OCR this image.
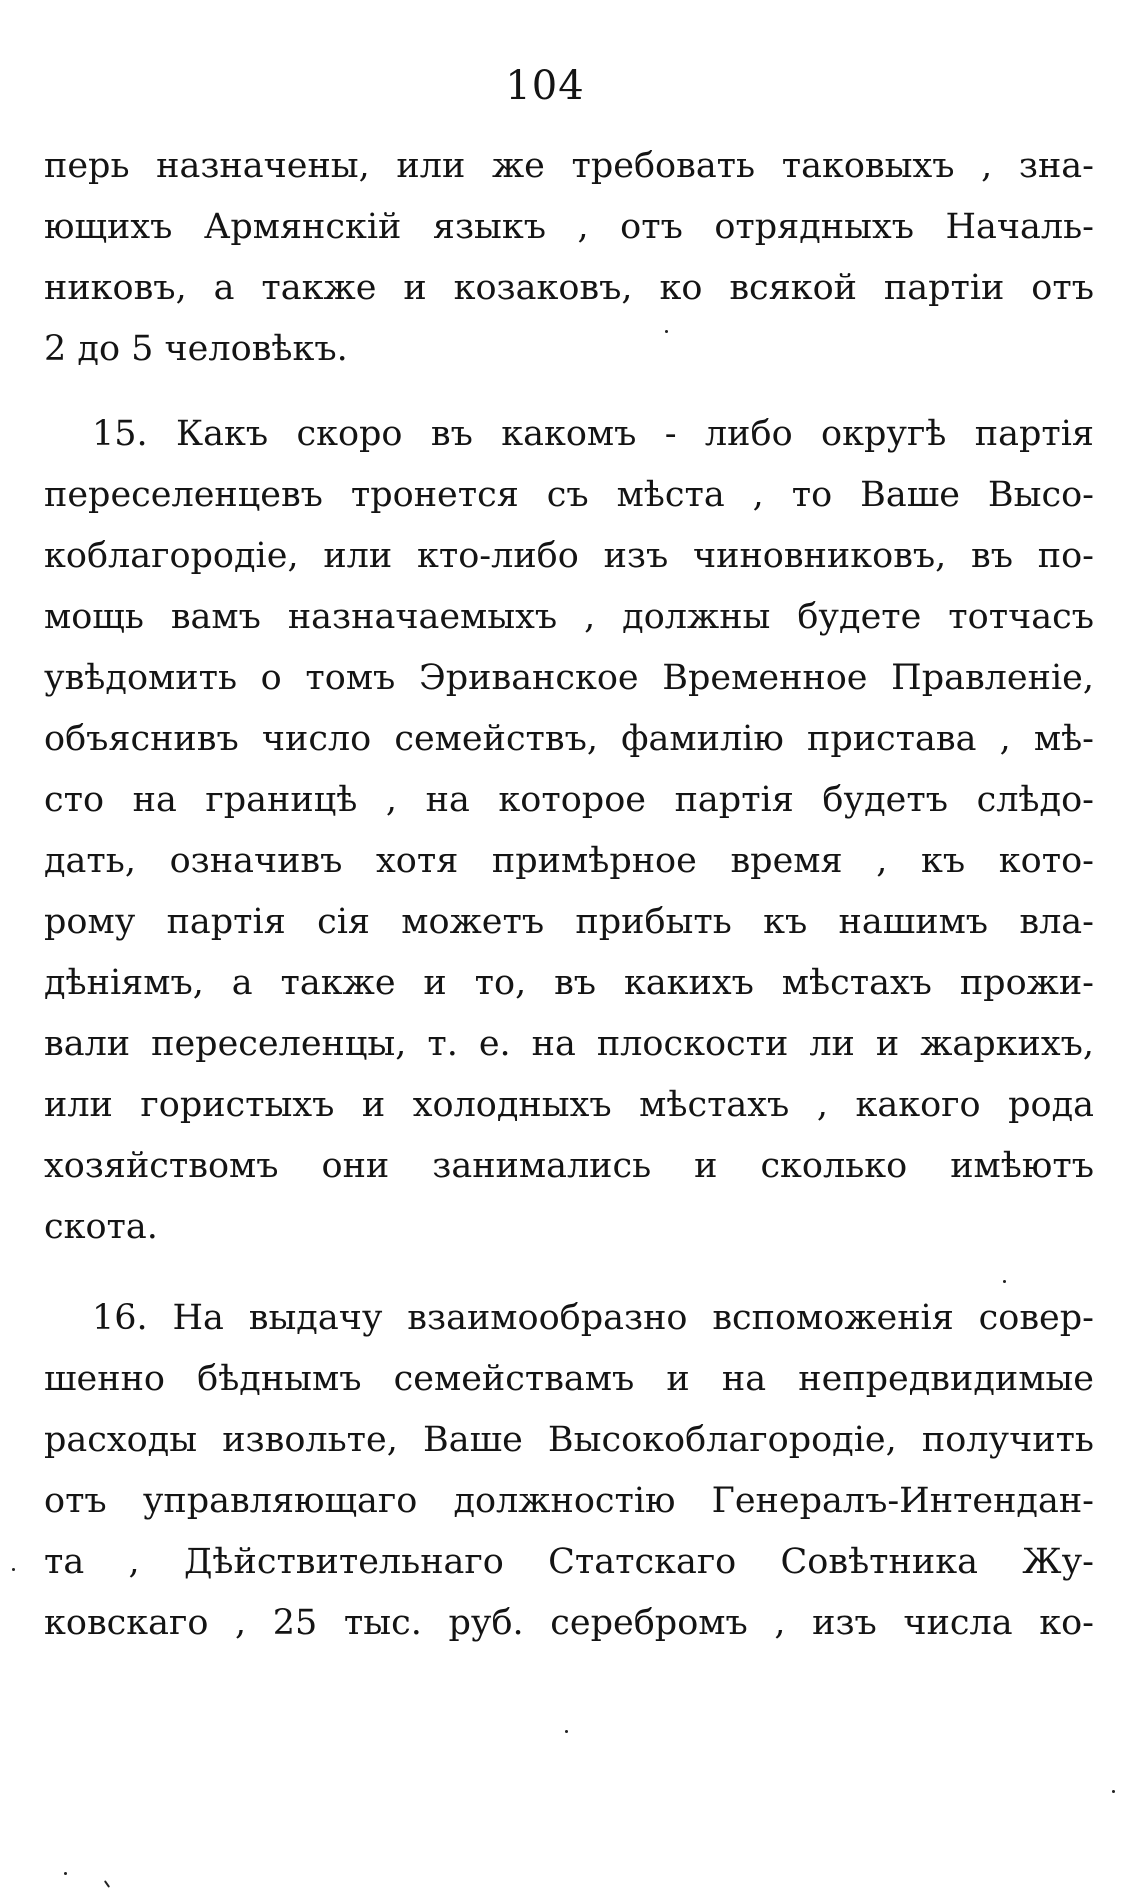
104
перь назначены, или же требовать таковыхъ , зна-
ющихъ Армянскій языкъ , отъ отрядныхъ Началь-
никовъ, а также и козаковъ, ко всякой партіи отъ
2 до 5 человѣкъ.
15. Какъ скоро въ какомъ - либо округѣ партія
переселенцевъ тронется съ мѣста , то Ваше Высо-
коблагородіе, или кто-либо изъ чиновниковъ, въ по-
мощь вамъ назначаемыхъ , должны будете тотчасъ
увѣдомить о томъ Эриванское Временное Правленіе,
объяснивъ число семействъ, фамилію пристава , мѣ-
сто на границѣ , на которое партія будетъ слѣдо-
дать, означивъ хотя примѣрное время , къ кото-
рому партія сія можетъ прибыть къ нашимъ вла-
дѣніямъ, а также и то, въ какихъ мѣстахъ прожи-
вали переселенцы, т. е. на плоскости ли и жаркихъ,
или гористыхъ и холодныхъ мѣстахъ , какого рода
хозяйствомъ они занимались и сколько имѣютъ
скота.
16. На выдачу взаимообразно вспоможенія совер-
шенно бѣднымъ семействамъ и на непредвидимые
расходы извольте, Ваше Высокоблагородіе, получить
отъ управляющаго должностію Генералъ-Интендан-
та , Дѣйствительнаго Статскаго Совѣтника Жу-
ковскаго , 25 тыс. руб. серебромъ , изъ числа ко-
